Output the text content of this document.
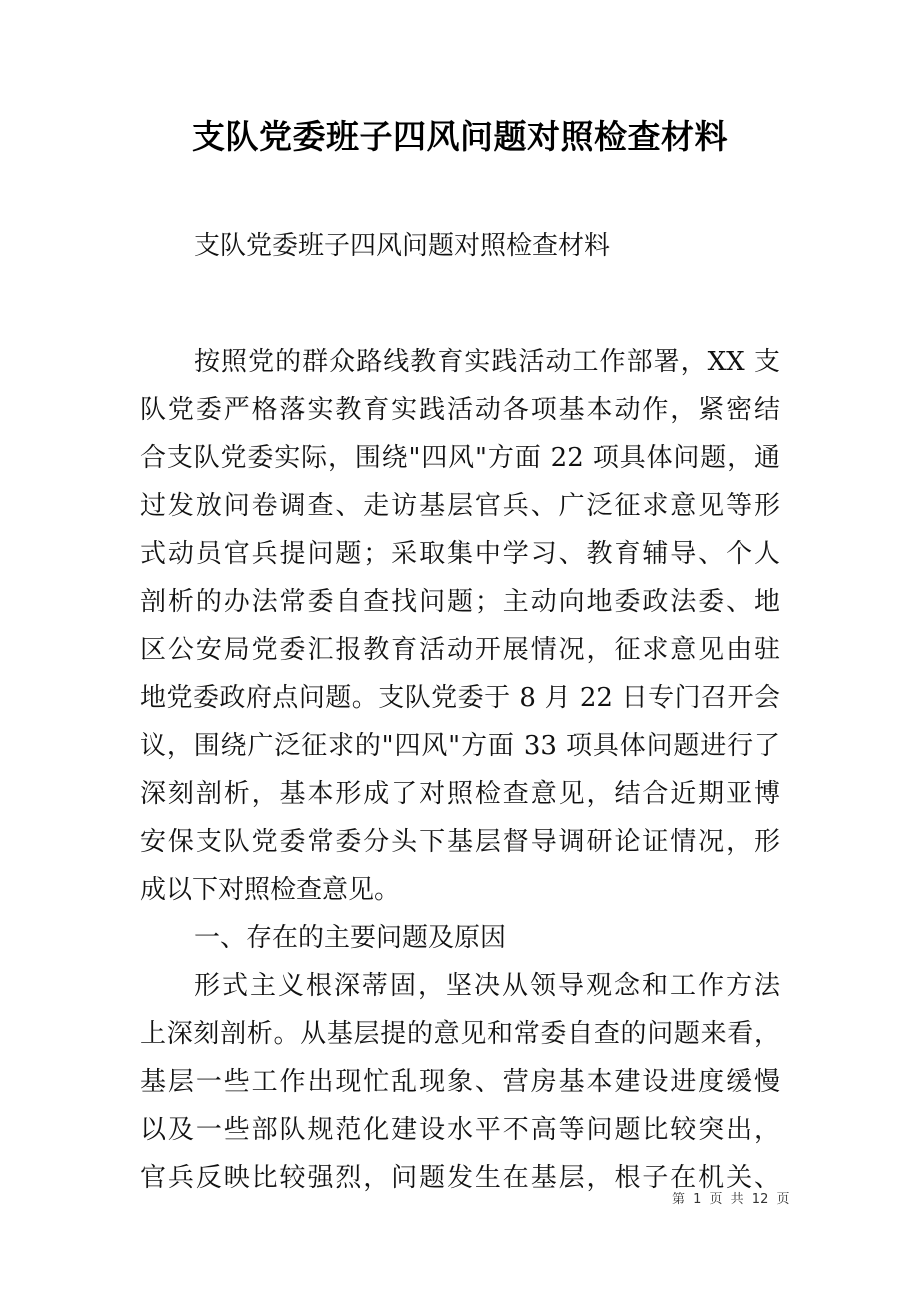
支队党委班子四风问题对照检查材料

支队党委班子四风问题对照检查材料

按照党的群众路线教育实践活动工作部署，XX 支
队党委严格落实教育实践活动各项基本动作，紧密结
合支队党委实际，围绕"四风"方面 22 项具体问题，通
过发放问卷调查、走访基层官兵、广泛征求意见等形
式动员官兵提问题；采取集中学习、教育辅导、个人
剖析的办法常委自查找问题；主动向地委政法委、地
区公安局党委汇报教育活动开展情况，征求意见由驻
地党委政府点问题。支队党委于 8 月 22 日专门召开会
议，围绕广泛征求的"四风"方面 33 项具体问题进行了
深刻剖析，基本形成了对照检查意见，结合近期亚博
安保支队党委常委分头下基层督导调研论证情况，形
成以下对照检查意见。
一、存在的主要问题及原因
形式主义根深蒂固，坚决从领导观念和工作方法
上深刻剖析。从基层提的意见和常委自查的问题来看，
基层一些工作出现忙乱现象、营房基本建设进度缓慢
以及一些部队规范化建设水平不高等问题比较突出，
官兵反映比较强烈，问题发生在基层，根子在机关、
第 1 页 共 12 页
